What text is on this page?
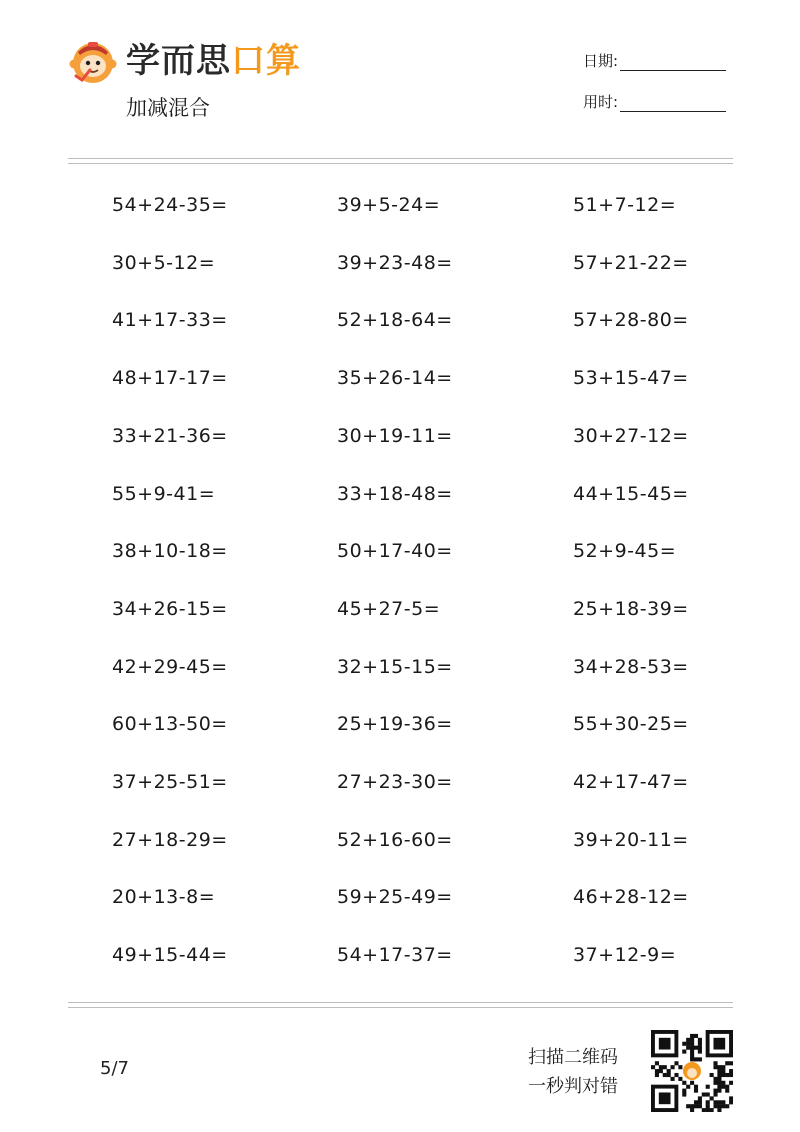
学而思口算
加减混合
日期:
用时:
54+24-35=	39+5-24=	51+7-12=
30+5-12=	39+23-48=	57+21-22=
41+17-33=	52+18-64=	57+28-80=
48+17-17=	35+26-14=	53+15-47=
33+21-36=	30+19-11=	30+27-12=
55+9-41=	33+18-48=	44+15-45=
38+10-18=	50+17-40=	52+9-45=
34+26-15=	45+27-5=	25+18-39=
42+29-45=	32+15-15=	34+28-53=
60+13-50=	25+19-36=	55+30-25=
37+25-51=	27+23-30=	42+17-47=
27+18-29=	52+16-60=	39+20-11=
20+13-8=	59+25-49=	46+28-12=
49+15-44=	54+17-37=	37+12-9=
5/7
扫描二维码
一秒判对错
